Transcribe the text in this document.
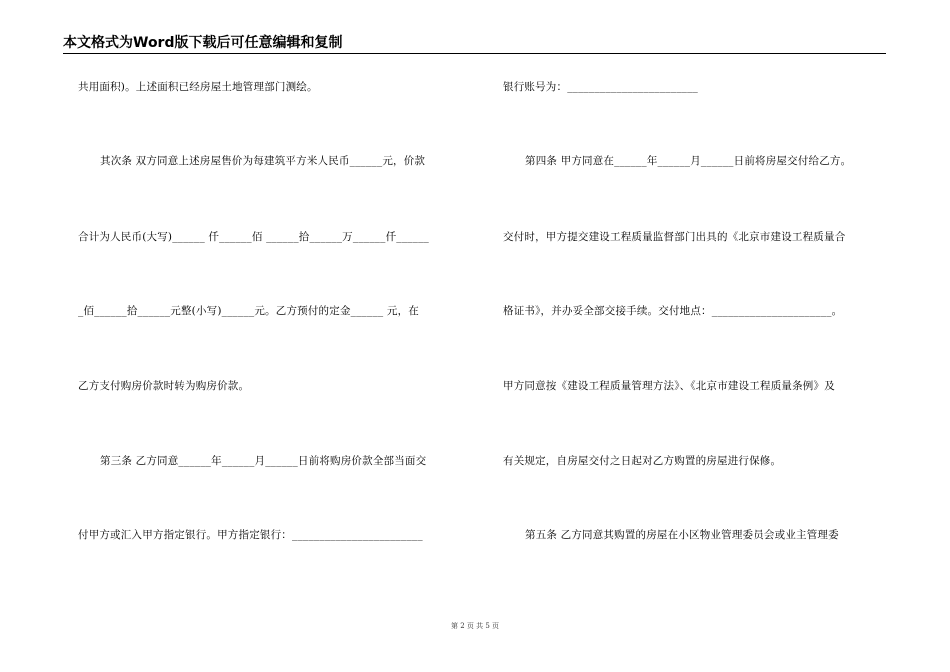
本文格式为Word版下载后可任意编辑和复制
共用面积)。上述面积已经房屋土地管理部门测绘。
其次条 双方同意上述房屋售价为每建筑平方米人民币______元，价款
合计为人民币(大写)______ 仟______佰 ______拾______万______仟______
_佰______拾______元整(小写)______元。乙方预付的定金______ 元，在
乙方支付购房价款时转为购房价款。
第三条 乙方同意______年______月______日前将购房价款全部当面交
付甲方或汇入甲方指定银行。甲方指定银行：________________________
银行账号为：________________________
第四条 甲方同意在______年______月______日前将房屋交付给乙方。
交付时，甲方提交建设工程质量监督部门出具的《北京市建设工程质量合
格证书》，并办妥全部交接手续。交付地点：______________________。
甲方同意按《建设工程质量管理方法》、《北京市建设工程质量条例》及
有关规定，自房屋交付之日起对乙方购置的房屋进行保修。
第五条 乙方同意其购置的房屋在小区物业管理委员会或业主管理委
第 2 页 共 5 页
